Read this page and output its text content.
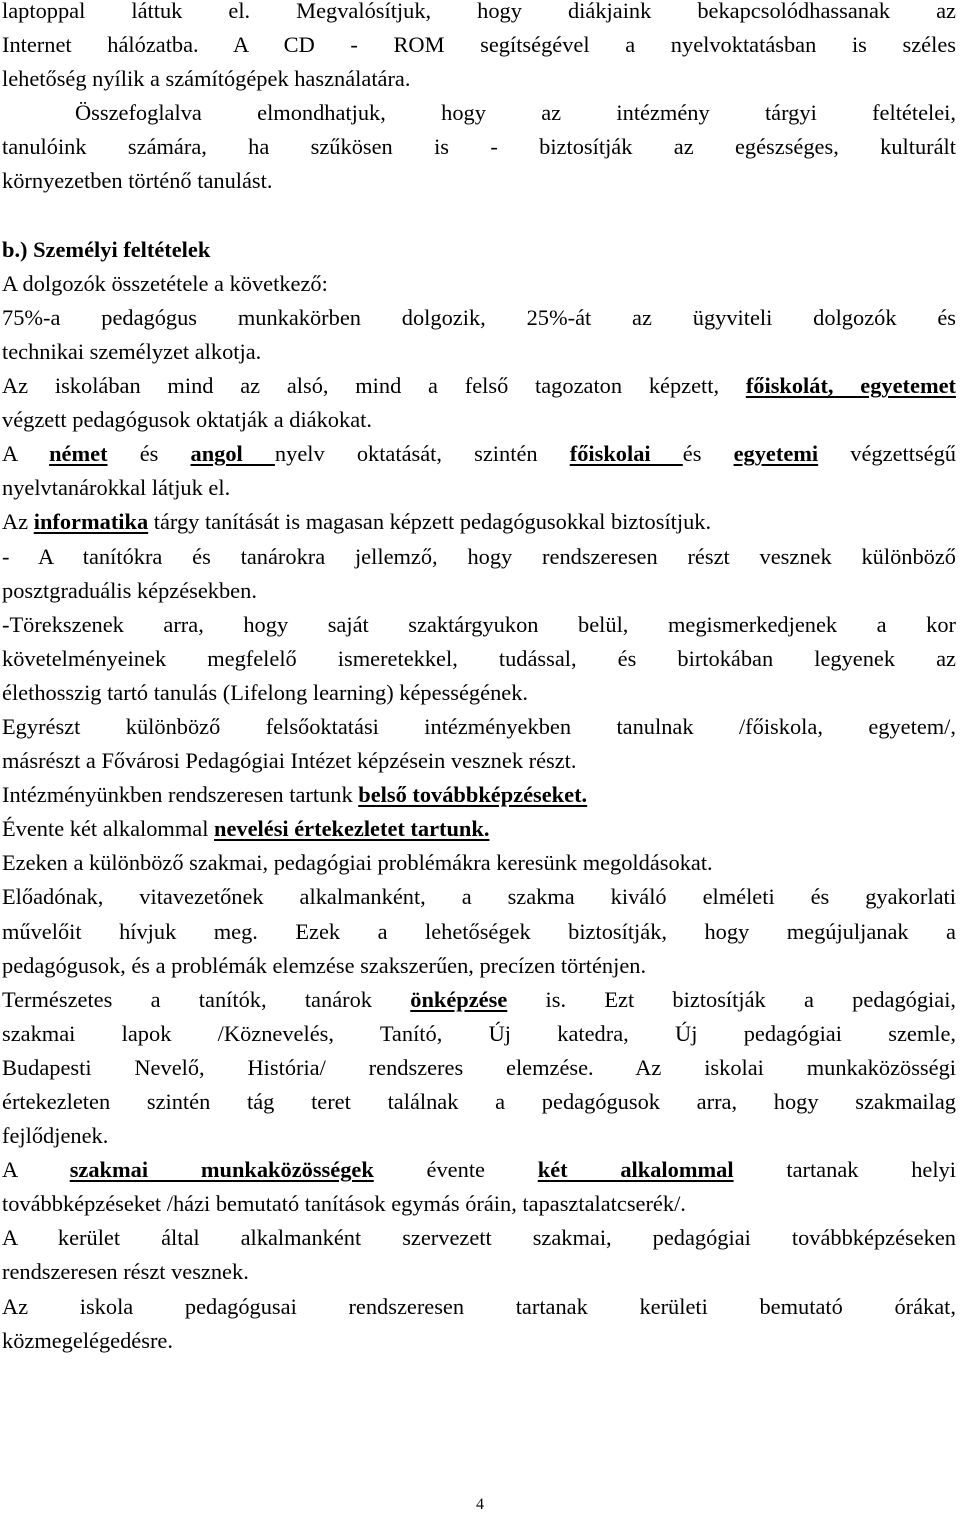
laptoppal láttuk el. Megvalósítjuk, hogy diákjaink bekapcsolódhassanak az
Internet hálózatba. A CD - ROM segítségével a nyelvoktatásban is széles
lehetőség nyílik a számítógépek használatára.

Összefoglalva elmondhatjuk, hogy az intézmény tárgyi feltételei,
tanulóink számára, ha szűkösen is - biztosítják az egészséges, kulturált
környezetben történő tanulást.

b.) Személyi feltételek
A dolgozók összetétele a következő:
75%-a pedagógus munkakörben dolgozik, 25%-át az ügyviteli dolgozók és
technikai személyzet alkotja.
Az iskolában mind az alsó, mind a felső tagozaton képzett, főiskolát, egyetemet
végzett pedagógusok oktatják a diákokat.
A német és angol nyelv oktatását, szintén főiskolai és egyetemi végzettségű
nyelvtanárokkal látjuk el.
Az informatika tárgy tanítását is magasan képzett pedagógusokkal biztosítjuk.
- A tanítókra és tanárokra jellemző, hogy rendszeresen részt vesznek különböző
posztgraduális képzésekben.
-Törekszenek arra, hogy saját szaktárgyukon belül, megismerkedjenek a kor
követelményeinek megfelelő ismeretekkel, tudással, és birtokában legyenek az
élethosszig tartó tanulás (Lifelong learning) képességének.
Egyrészt különböző felsőoktatási intézményekben tanulnak /főiskola, egyetem/,
másrészt a Fővárosi Pedagógiai Intézet képzésein vesznek részt.
Intézményünkben rendszeresen tartunk belső továbbképzéseket.
Évente két alkalommal nevelési értekezletet tartunk.
Ezeken a különböző szakmai, pedagógiai problémákra keresünk megoldásokat.
Előadónak, vitavezetőnek alkalmanként, a szakma kiváló elméleti és gyakorlati
művelőit hívjuk meg. Ezek a lehetőségek biztosítják, hogy megújuljanak a
pedagógusok, és a problémák elemzése szakszerűen, precízen történjen.
Természetes a tanítók, tanárok önképzése is. Ezt biztosítják a pedagógiai,
szakmai lapok /Köznevelés, Tanító, Új katedra, Új pedagógiai szemle,
Budapesti Nevelő, História/ rendszeres elemzése. Az iskolai munkaközösségi
értekezleten szintén tág teret találnak a pedagógusok arra, hogy szakmailag
fejlődjenek.
A szakmai munkaközösségek évente két alkalommal tartanak helyi
továbbképzéseket /házi bemutató tanítások egymás óráin, tapasztalatcserék/.
A kerület által alkalmanként szervezett szakmai, pedagógiai továbbképzéseken
rendszeresen részt vesznek.
Az iskola pedagógusai rendszeresen tartanak kerületi bemutató órákat,
közmegelégedésre.

4
